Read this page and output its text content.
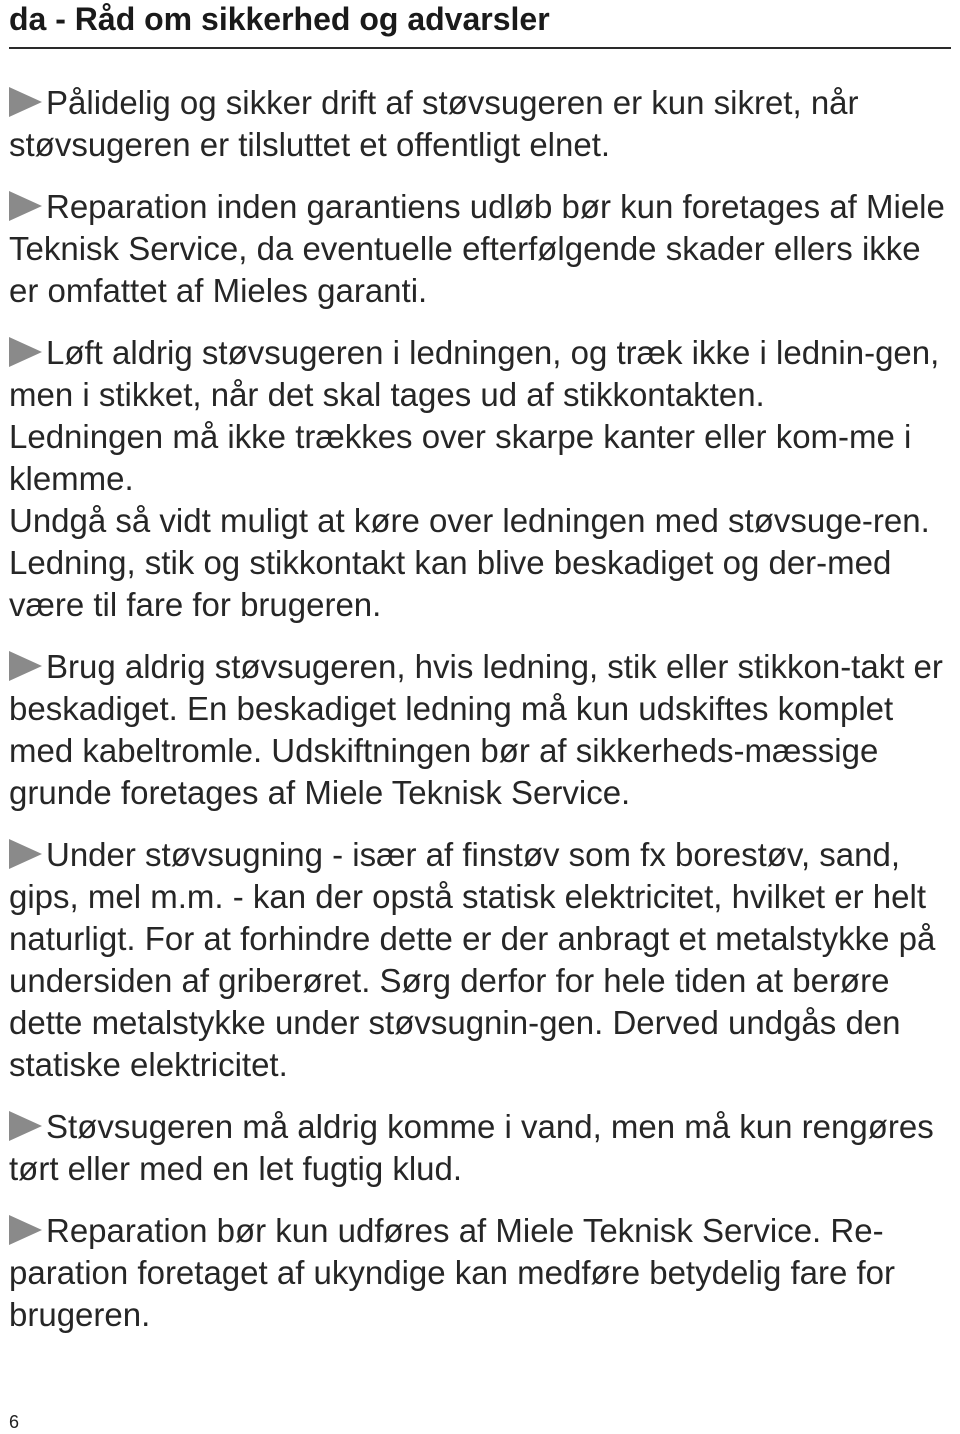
da - Råd om sikkerhed og advarsler

Pålidelig og sikker drift af støvsugeren er kun sikret, når støvsugeren er tilsluttet et offentligt elnet.

Reparation inden garantiens udløb bør kun foretages af Miele Teknisk Service, da eventuelle efterfølgende skader ellers ikke er omfattet af Mieles garanti.

Løft aldrig støvsugeren i ledningen, og træk ikke i lednin-gen, men i stikket, når det skal tages ud af stikkontakten.

Ledningen må ikke trækkes over skarpe kanter eller kom-me i klemme.

Undgå så vidt muligt at køre over ledningen med støvsuge-ren.

Ledning, stik og stikkontakt kan blive beskadiget og der-med være til fare for brugeren.

Brug aldrig støvsugeren, hvis ledning, stik eller stikkon-takt er beskadiget. En beskadiget ledning må kun udskiftes komplet med kabeltromle. Udskiftningen bør af sikkerheds-mæssige grunde foretages af Miele Teknisk Service.

Under støvsugning - især af finstøv som fx borestøv, sand, gips, mel m.m. - kan der opstå statisk elektricitet, hvilket er helt naturligt. For at forhindre dette er der anbragt et metalstykke på undersiden af griberøret. Sørg derfor for hele tiden at berøre dette metalstykke under støvsugnin-gen. Derved undgås den statiske elektricitet.

Støvsugeren må aldrig komme i vand, men må kun rengøres tørt eller med en let fugtig klud.

Reparation bør kun udføres af Miele Teknisk Service. Re-paration foretaget af ukyndige kan medføre betydelig fare for brugeren.

6
